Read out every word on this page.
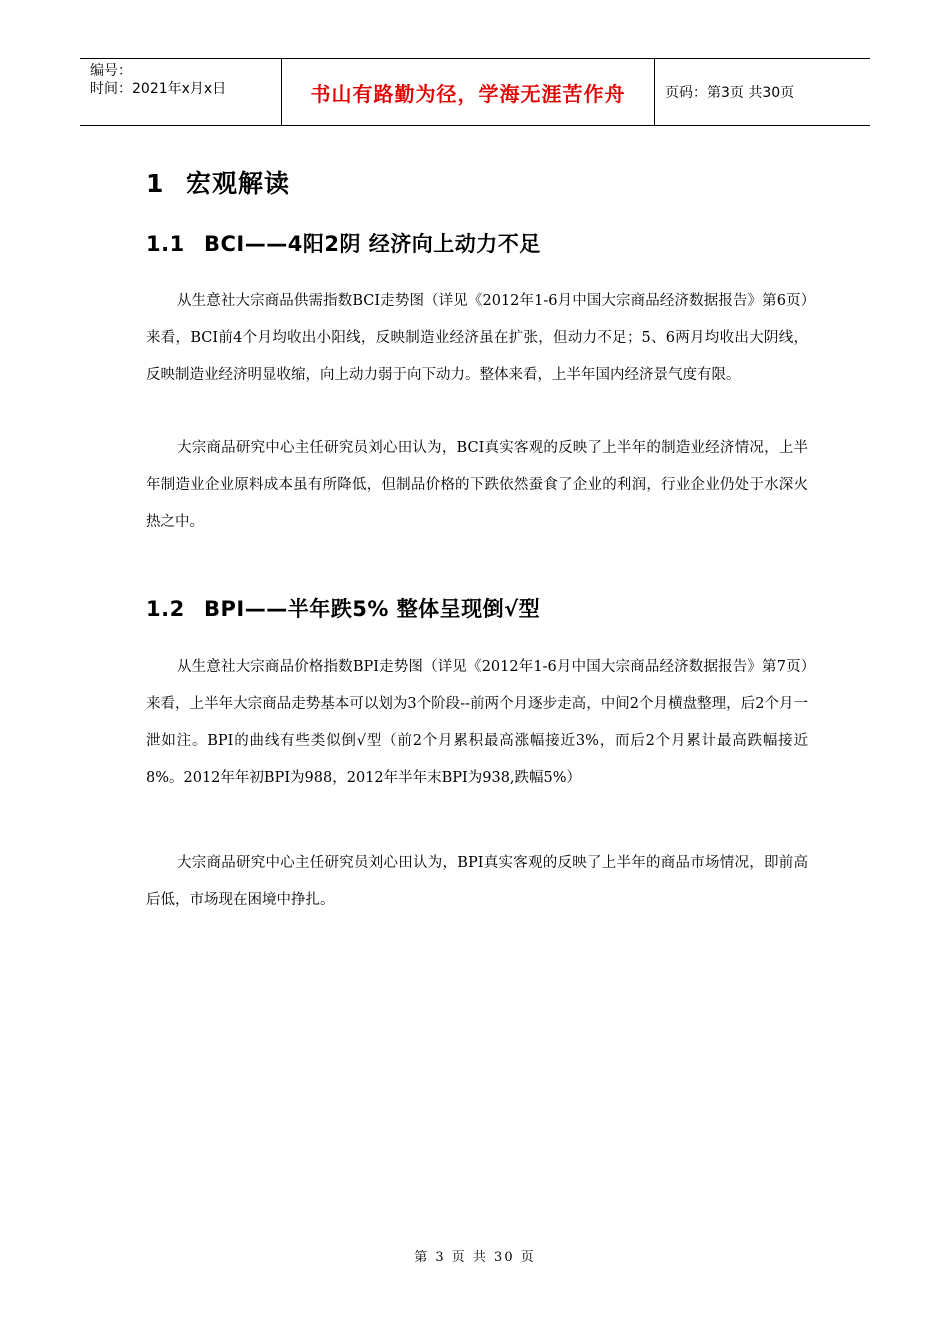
编号：
时间：2021年x月x日	书山有路勤为径，学海无涯苦作舟	页码：第3页 共30页
1 宏观解读
1.1 BCI——4阳2阴 经济向上动力不足

从生意社大宗商品供需指数BCI走势图（详见《2012年1-6月中国大宗商品经济数据报告》第6页）来看，BCI前4个月均收出小阳线，反映制造业经济虽在扩张，但动力不足；5、6两月均收出大阴线，反映制造业经济明显收缩，向上动力弱于向下动力。整体来看，上半年国内经济景气度有限。

大宗商品研究中心主任研究员刘心田认为，BCI真实客观的反映了上半年的制造业经济情况，上半年制造业企业原料成本虽有所降低，但制品价格的下跌依然蚕食了企业的利润，行业企业仍处于水深火热之中。

1.2 BPI——半年跌5% 整体呈现倒√型

从生意社大宗商品价格指数BPI走势图（详见《2012年1-6月中国大宗商品经济数据报告》第7页）来看，上半年大宗商品走势基本可以划为3个阶段--前两个月逐步走高，中间2个月横盘整理，后2个月一泄如注。BPI的曲线有些类似倒√型（前2个月累积最高涨幅接近3%，而后2个月累计最高跌幅接近8%。2012年年初BPI为988，2012年半年末BPI为938,跌幅5%）

大宗商品研究中心主任研究员刘心田认为，BPI真实客观的反映了上半年的商品市场情况，即前高后低，市场现在困境中挣扎。

第 3 页 共 30 页
